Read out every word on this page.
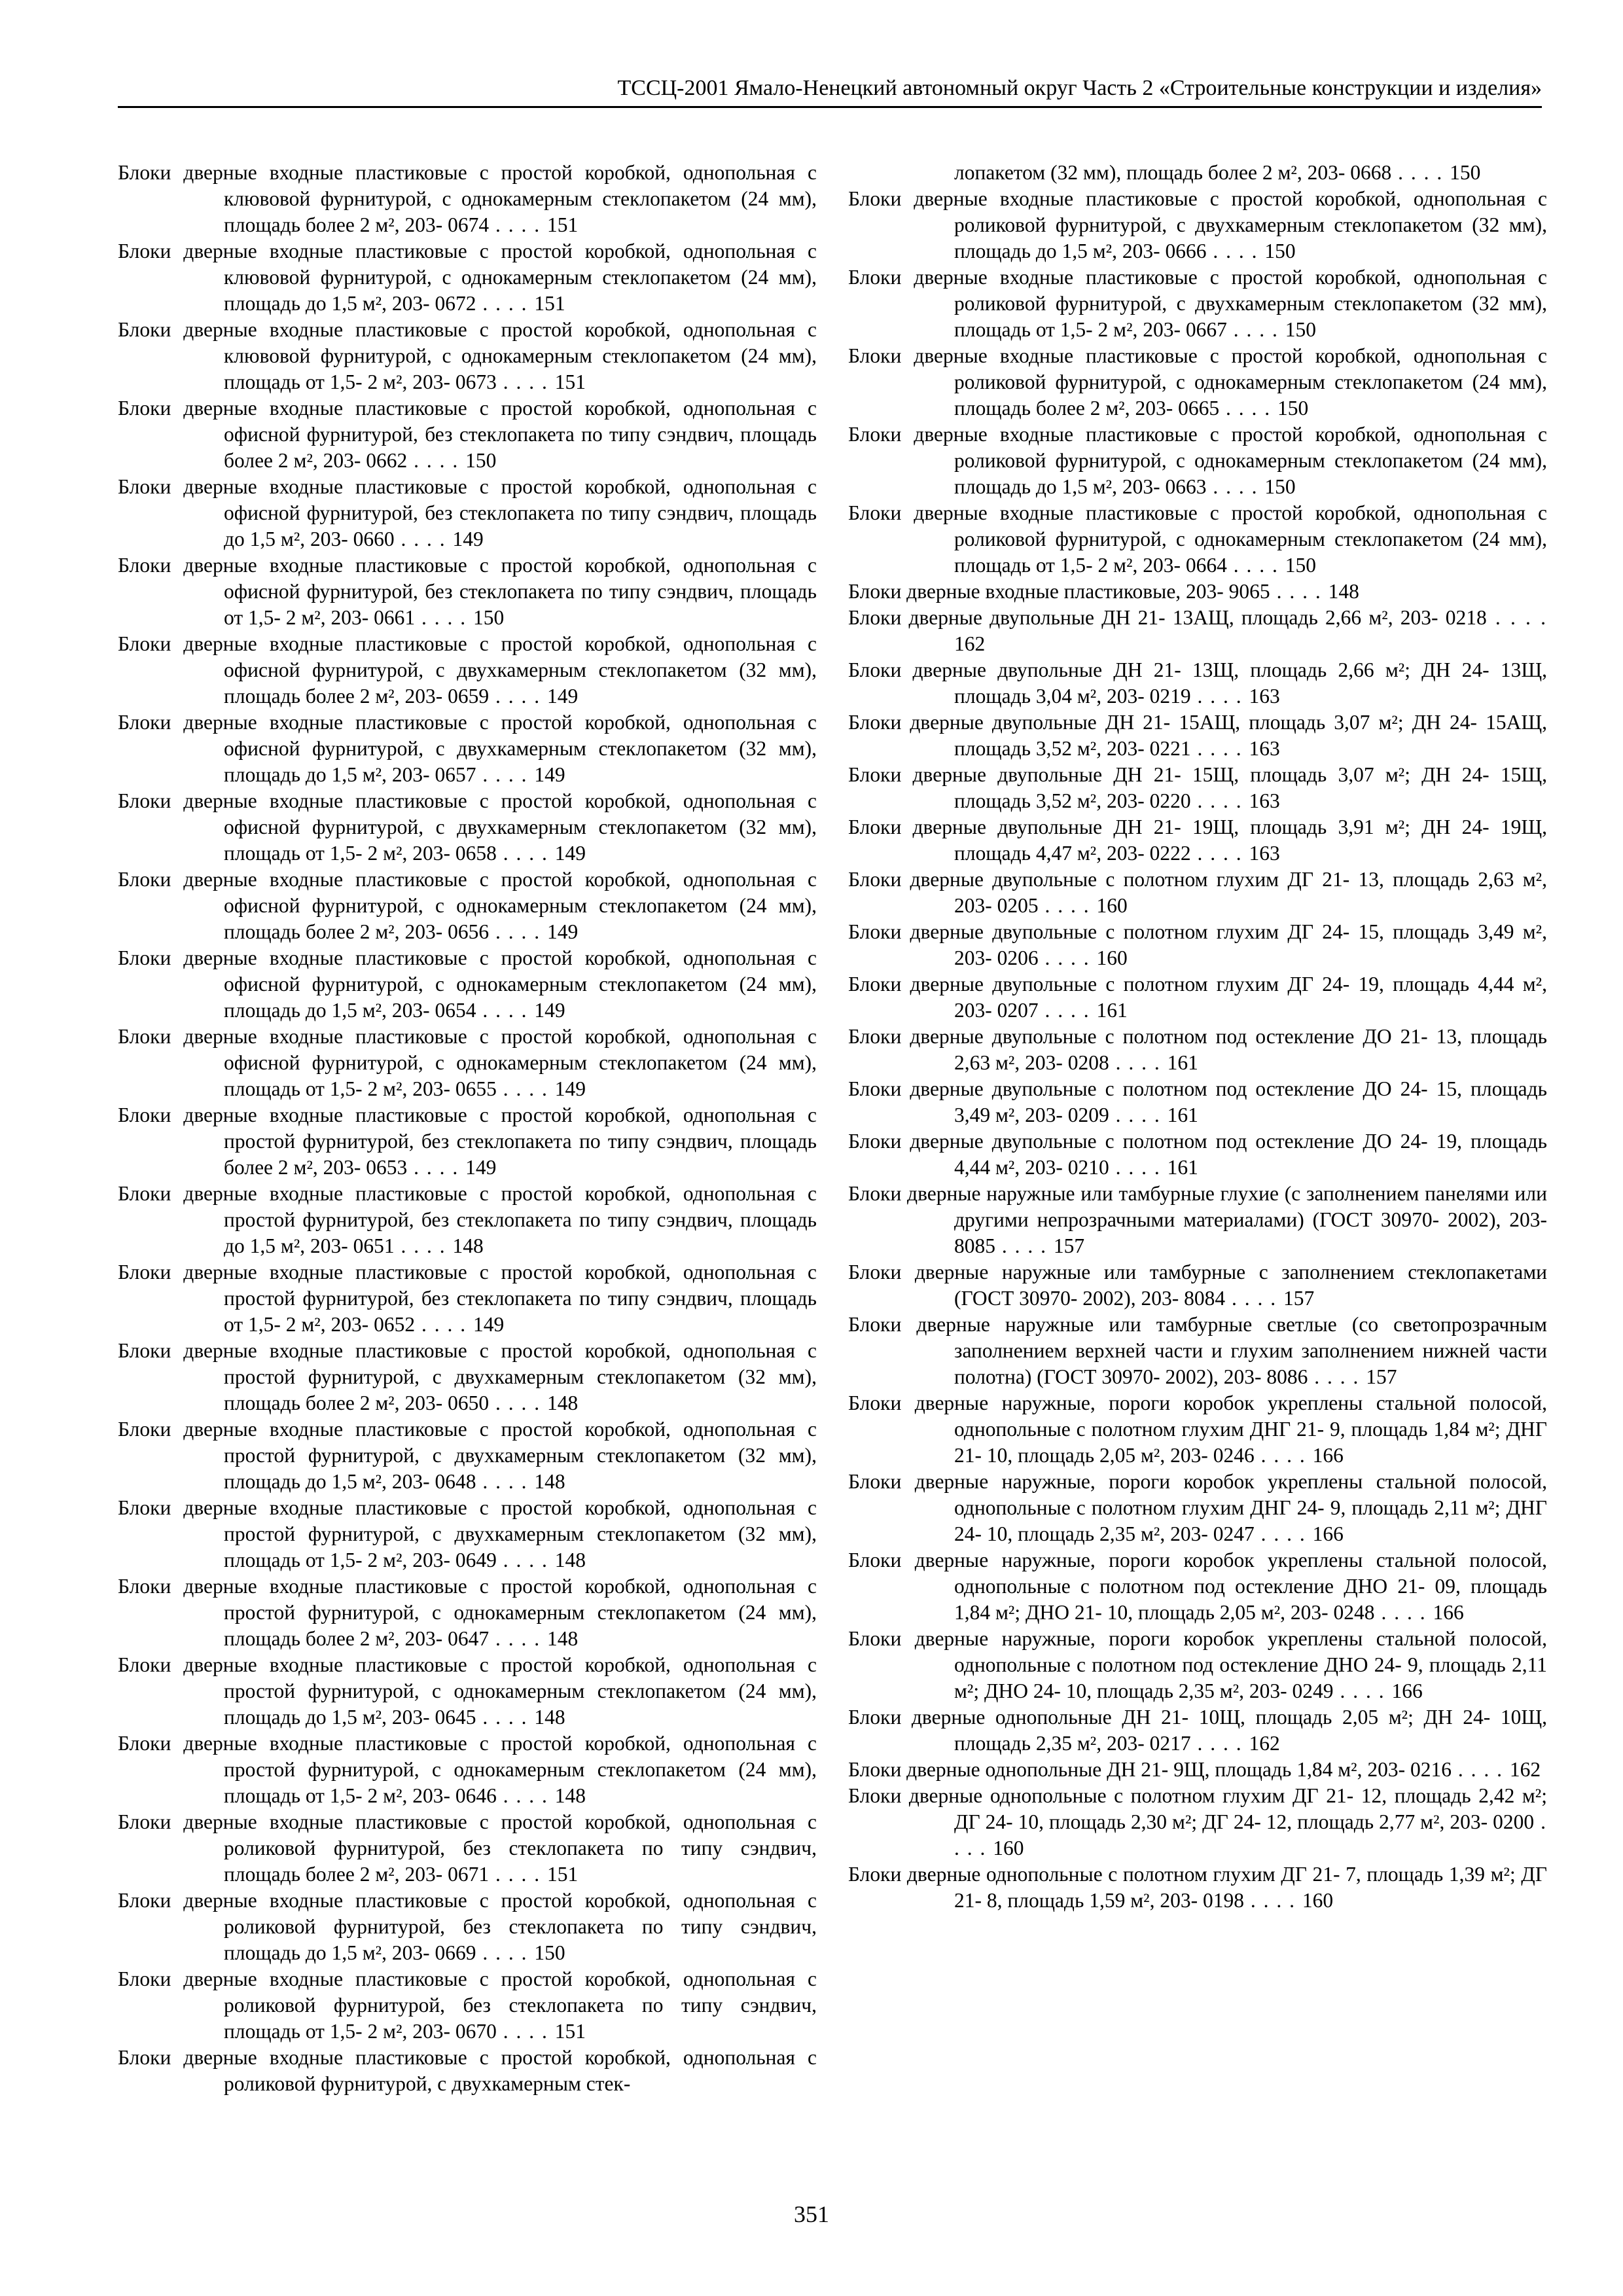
ТССЦ-2001 Ямало-Ненецкий автономный округ Часть 2 «Строительные конструкции и изделия»

Блоки дверные входные пластиковые с простой коробкой, однопольная с клювовой фурнитурой, с однокамерным стеклопакетом (24 мм), площадь более 2 м², 203- 0674 . . . . 151

Блоки дверные входные пластиковые с простой коробкой, однопольная с клювовой фурнитурой, с однокамерным стеклопакетом (24 мм), площадь до 1,5 м², 203- 0672 . . . . 151

Блоки дверные входные пластиковые с простой коробкой, однопольная с клювовой фурнитурой, с однокамерным стеклопакетом (24 мм), площадь от 1,5- 2 м², 203- 0673 . . . . 151

Блоки дверные входные пластиковые с простой коробкой, однопольная с офисной фурнитурой, без стеклопакета по типу сэндвич, площадь более 2 м², 203- 0662 . . . . 150

Блоки дверные входные пластиковые с простой коробкой, однопольная с офисной фурнитурой, без стеклопакета по типу сэндвич, площадь до 1,5 м², 203- 0660 . . . . 149

Блоки дверные входные пластиковые с простой коробкой, однопольная с офисной фурнитурой, без стеклопакета по типу сэндвич, площадь от 1,5- 2 м², 203- 0661 . . . . 150

Блоки дверные входные пластиковые с простой коробкой, однопольная с офисной фурнитурой, с двухкамерным стеклопакетом (32 мм), площадь более 2 м², 203- 0659 . . . . 149

Блоки дверные входные пластиковые с простой коробкой, однопольная с офисной фурнитурой, с двухкамерным стеклопакетом (32 мм), площадь до 1,5 м², 203- 0657 . . . . 149

Блоки дверные входные пластиковые с простой коробкой, однопольная с офисной фурнитурой, с двухкамерным стеклопакетом (32 мм), площадь от 1,5- 2 м², 203- 0658 . . . . 149

Блоки дверные входные пластиковые с простой коробкой, однопольная с офисной фурнитурой, с однокамерным стеклопакетом (24 мм), площадь более 2 м², 203- 0656 . . . . 149

Блоки дверные входные пластиковые с простой коробкой, однопольная с офисной фурнитурой, с однокамерным стеклопакетом (24 мм), площадь до 1,5 м², 203- 0654 . . . . 149

Блоки дверные входные пластиковые с простой коробкой, однопольная с офисной фурнитурой, с однокамерным стеклопакетом (24 мм), площадь от 1,5- 2 м², 203- 0655 . . . . 149

Блоки дверные входные пластиковые с простой коробкой, однопольная с простой фурнитурой, без стеклопакета по типу сэндвич, площадь более 2 м², 203- 0653 . . . . 149

Блоки дверные входные пластиковые с простой коробкой, однопольная с простой фурнитурой, без стеклопакета по типу сэндвич, площадь до 1,5 м², 203- 0651 . . . . 148

Блоки дверные входные пластиковые с простой коробкой, однопольная с простой фурнитурой, без стеклопакета по типу сэндвич, площадь от 1,5- 2 м², 203- 0652 . . . . 149

Блоки дверные входные пластиковые с простой коробкой, однопольная с простой фурнитурой, с двухкамерным стеклопакетом (32 мм), площадь более 2 м², 203- 0650 . . . . 148

Блоки дверные входные пластиковые с простой коробкой, однопольная с простой фурнитурой, с двухкамерным стеклопакетом (32 мм), площадь до 1,5 м², 203- 0648 . . . . 148

Блоки дверные входные пластиковые с простой коробкой, однопольная с простой фурнитурой, с двухкамерным стеклопакетом (32 мм), площадь от 1,5- 2 м², 203- 0649 . . . . 148

Блоки дверные входные пластиковые с простой коробкой, однопольная с простой фурнитурой, с однокамерным стеклопакетом (24 мм), площадь более 2 м², 203- 0647 . . . . 148

Блоки дверные входные пластиковые с простой коробкой, однопольная с простой фурнитурой, с однокамерным стеклопакетом (24 мм), площадь до 1,5 м², 203- 0645 . . . . 148

Блоки дверные входные пластиковые с простой коробкой, однопольная с простой фурнитурой, с однокамерным стеклопакетом (24 мм), площадь от 1,5- 2 м², 203- 0646 . . . . 148

Блоки дверные входные пластиковые с простой коробкой, однопольная с роликовой фурнитурой, без стеклопакета по типу сэндвич, площадь более 2 м², 203- 0671 . . . . 151

Блоки дверные входные пластиковые с простой коробкой, однопольная с роликовой фурнитурой, без стеклопакета по типу сэндвич, площадь до 1,5 м², 203- 0669 . . . . 150

Блоки дверные входные пластиковые с простой коробкой, однопольная с роликовой фурнитурой, без стеклопакета по типу сэндвич, площадь от 1,5- 2 м², 203- 0670 . . . . 151

Блоки дверные входные пластиковые с простой коробкой, однопольная с роликовой фурнитурой, с двухкамерным стек-

лопакетом (32 мм), площадь более 2 м², 203- 0668 . . . . 150

Блоки дверные входные пластиковые с простой коробкой, однопольная с роликовой фурнитурой, с двухкамерным стеклопакетом (32 мм), площадь до 1,5 м², 203- 0666 . . . . 150

Блоки дверные входные пластиковые с простой коробкой, однопольная с роликовой фурнитурой, с двухкамерным стеклопакетом (32 мм), площадь от 1,5- 2 м², 203- 0667 . . . . 150

Блоки дверные входные пластиковые с простой коробкой, однопольная с роликовой фурнитурой, с однокамерным стеклопакетом (24 мм), площадь более 2 м², 203- 0665 . . . . 150

Блоки дверные входные пластиковые с простой коробкой, однопольная с роликовой фурнитурой, с однокамерным стеклопакетом (24 мм), площадь до 1,5 м², 203- 0663 . . . . 150

Блоки дверные входные пластиковые с простой коробкой, однопольная с роликовой фурнитурой, с однокамерным стеклопакетом (24 мм), площадь от 1,5- 2 м², 203- 0664 . . . . 150

Блоки дверные входные пластиковые, 203- 9065 . . . . 148

Блоки дверные двупольные ДН 21- 13АЩ, площадь 2,66 м², 203- 0218 . . . . 162

Блоки дверные двупольные ДН 21- 13Щ, площадь 2,66 м²; ДН 24- 13Щ, площадь 3,04 м², 203- 0219 . . . . 163

Блоки дверные двупольные ДН 21- 15АЩ, площадь 3,07 м²; ДН 24- 15АЩ, площадь 3,52 м², 203- 0221 . . . . 163

Блоки дверные двупольные ДН 21- 15Щ, площадь 3,07 м²; ДН 24- 15Щ, площадь 3,52 м², 203- 0220 . . . . 163

Блоки дверные двупольные ДН 21- 19Щ, площадь 3,91 м²; ДН 24- 19Щ, площадь 4,47 м², 203- 0222 . . . . 163

Блоки дверные двупольные с полотном глухим ДГ 21- 13, площадь 2,63 м², 203- 0205 . . . . 160

Блоки дверные двупольные с полотном глухим ДГ 24- 15, площадь 3,49 м², 203- 0206 . . . . 160

Блоки дверные двупольные с полотном глухим ДГ 24- 19, площадь 4,44 м², 203- 0207 . . . . 161

Блоки дверные двупольные с полотном под остекление ДО 21- 13, площадь 2,63 м², 203- 0208 . . . . 161

Блоки дверные двупольные с полотном под остекление ДО 24- 15, площадь 3,49 м², 203- 0209 . . . . 161

Блоки дверные двупольные с полотном под остекление ДО 24- 19, площадь 4,44 м², 203- 0210 . . . . 161

Блоки дверные наружные или тамбурные глухие (с заполнением панелями или другими непрозрачными материалами) (ГОСТ 30970- 2002), 203- 8085 . . . . 157

Блоки дверные наружные или тамбурные с заполнением стеклопакетами (ГОСТ 30970- 2002), 203- 8084 . . . . 157

Блоки дверные наружные или тамбурные светлые (со светопрозрачным заполнением верхней части и глухим заполнением нижней части полотна) (ГОСТ 30970- 2002), 203- 8086 . . . . 157

Блоки дверные наружные, пороги коробок укреплены стальной полосой, однопольные с полотном глухим ДНГ 21- 9, площадь 1,84 м²; ДНГ 21- 10, площадь 2,05 м², 203- 0246 . . . . 166

Блоки дверные наружные, пороги коробок укреплены стальной полосой, однопольные с полотном глухим ДНГ 24- 9, площадь 2,11 м²; ДНГ 24- 10, площадь 2,35 м², 203- 0247 . . . . 166

Блоки дверные наружные, пороги коробок укреплены стальной полосой, однопольные с полотном под остекление ДНО 21- 09, площадь 1,84 м²; ДНО 21- 10, площадь 2,05 м², 203- 0248 . . . . 166

Блоки дверные наружные, пороги коробок укреплены стальной полосой, однопольные с полотном под остекление ДНО 24- 9, площадь 2,11 м²; ДНО 24- 10, площадь 2,35 м², 203- 0249 . . . . 166

Блоки дверные однопольные ДН 21- 10Щ, площадь 2,05 м²; ДН 24- 10Щ, площадь 2,35 м², 203- 0217 . . . . 162

Блоки дверные однопольные ДН 21- 9Щ, площадь 1,84 м², 203- 0216 . . . . 162

Блоки дверные однопольные с полотном глухим ДГ 21- 12, площадь 2,42 м²; ДГ 24- 10, площадь 2,30 м²; ДГ 24- 12, площадь 2,77 м², 203- 0200 . . . . 160

Блоки дверные однопольные с полотном глухим ДГ 21- 7, площадь 1,39 м²; ДГ 21- 8, площадь 1,59 м², 203- 0198 . . . . 160

351
